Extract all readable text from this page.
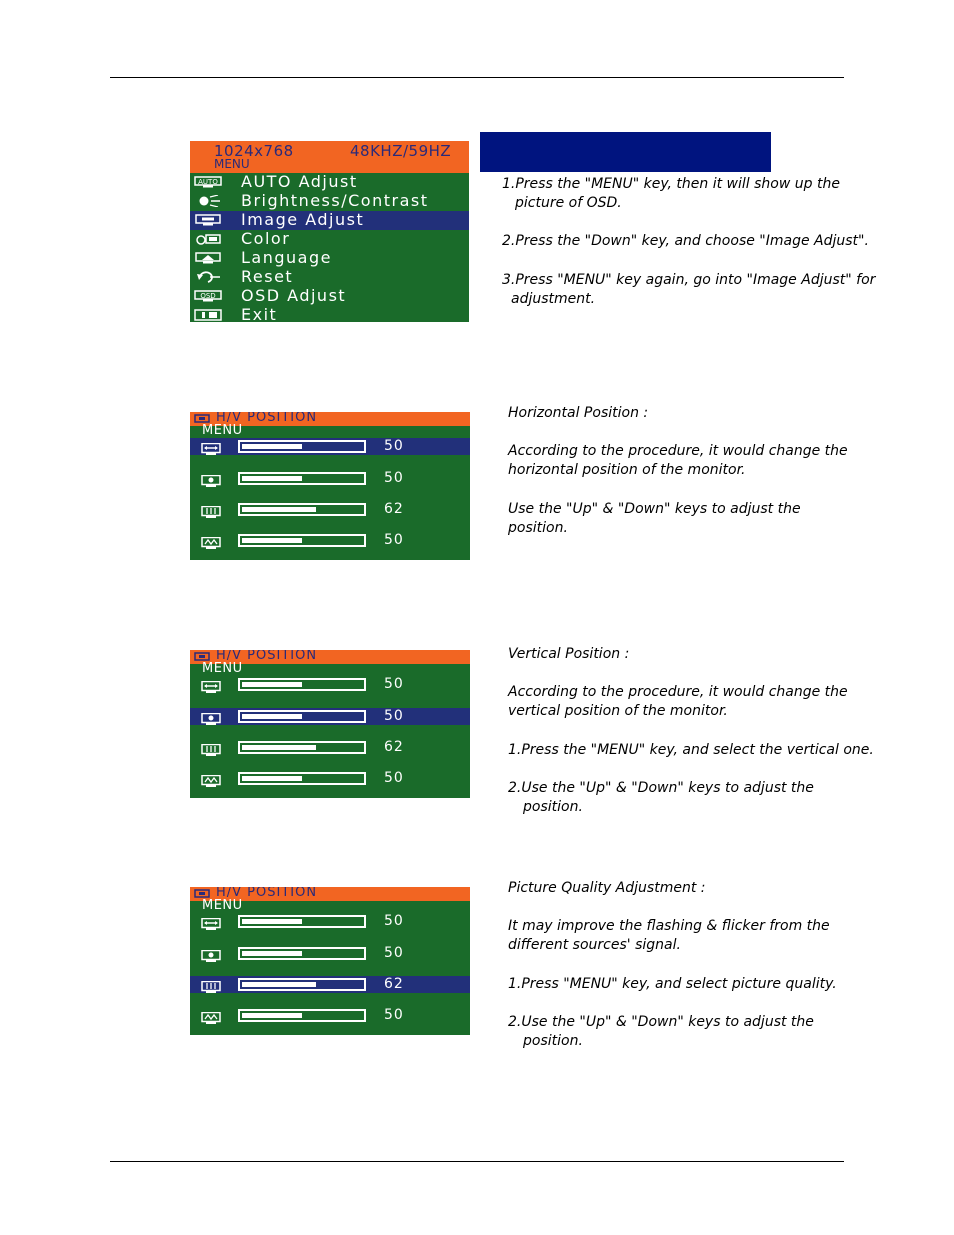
1024x768	48KHZ/59HZ
MENU
AUTO AUTO Adjust
Brightness/Contrast
Image Adjust
Color
Language
Reset
OSD OSD Adjust
Exit
1.Press the "MENU" key, then it will show up the
picture of OSD.
2.Press the "Down" key, and choose "Image Adjust".
3.Press "MENU" key again, go into "Image Adjust" for
adjustment.
H/V POSITION
MENU
50
50
62
50
H/V POSITION
MENU
50
50
62
50
H/V POSITION
MENU
50
50
62
50
Horizontal Position :
According to the procedure, it would change the
horizontal position of the monitor.
Use the "Up" & "Down" keys to adjust the
position.
Vertical Position :
According to the procedure, it would change the
vertical position of the monitor.
1.Press the "MENU" key, and select the vertical one.
2.Use the "Up" & "Down" keys to adjust the
position.
Picture Quality Adjustment :
It may improve the flashing & flicker from the
different sources' signal.
1.Press "MENU" key, and select picture quality.
2.Use the "Up" & "Down" keys to adjust the
position.
